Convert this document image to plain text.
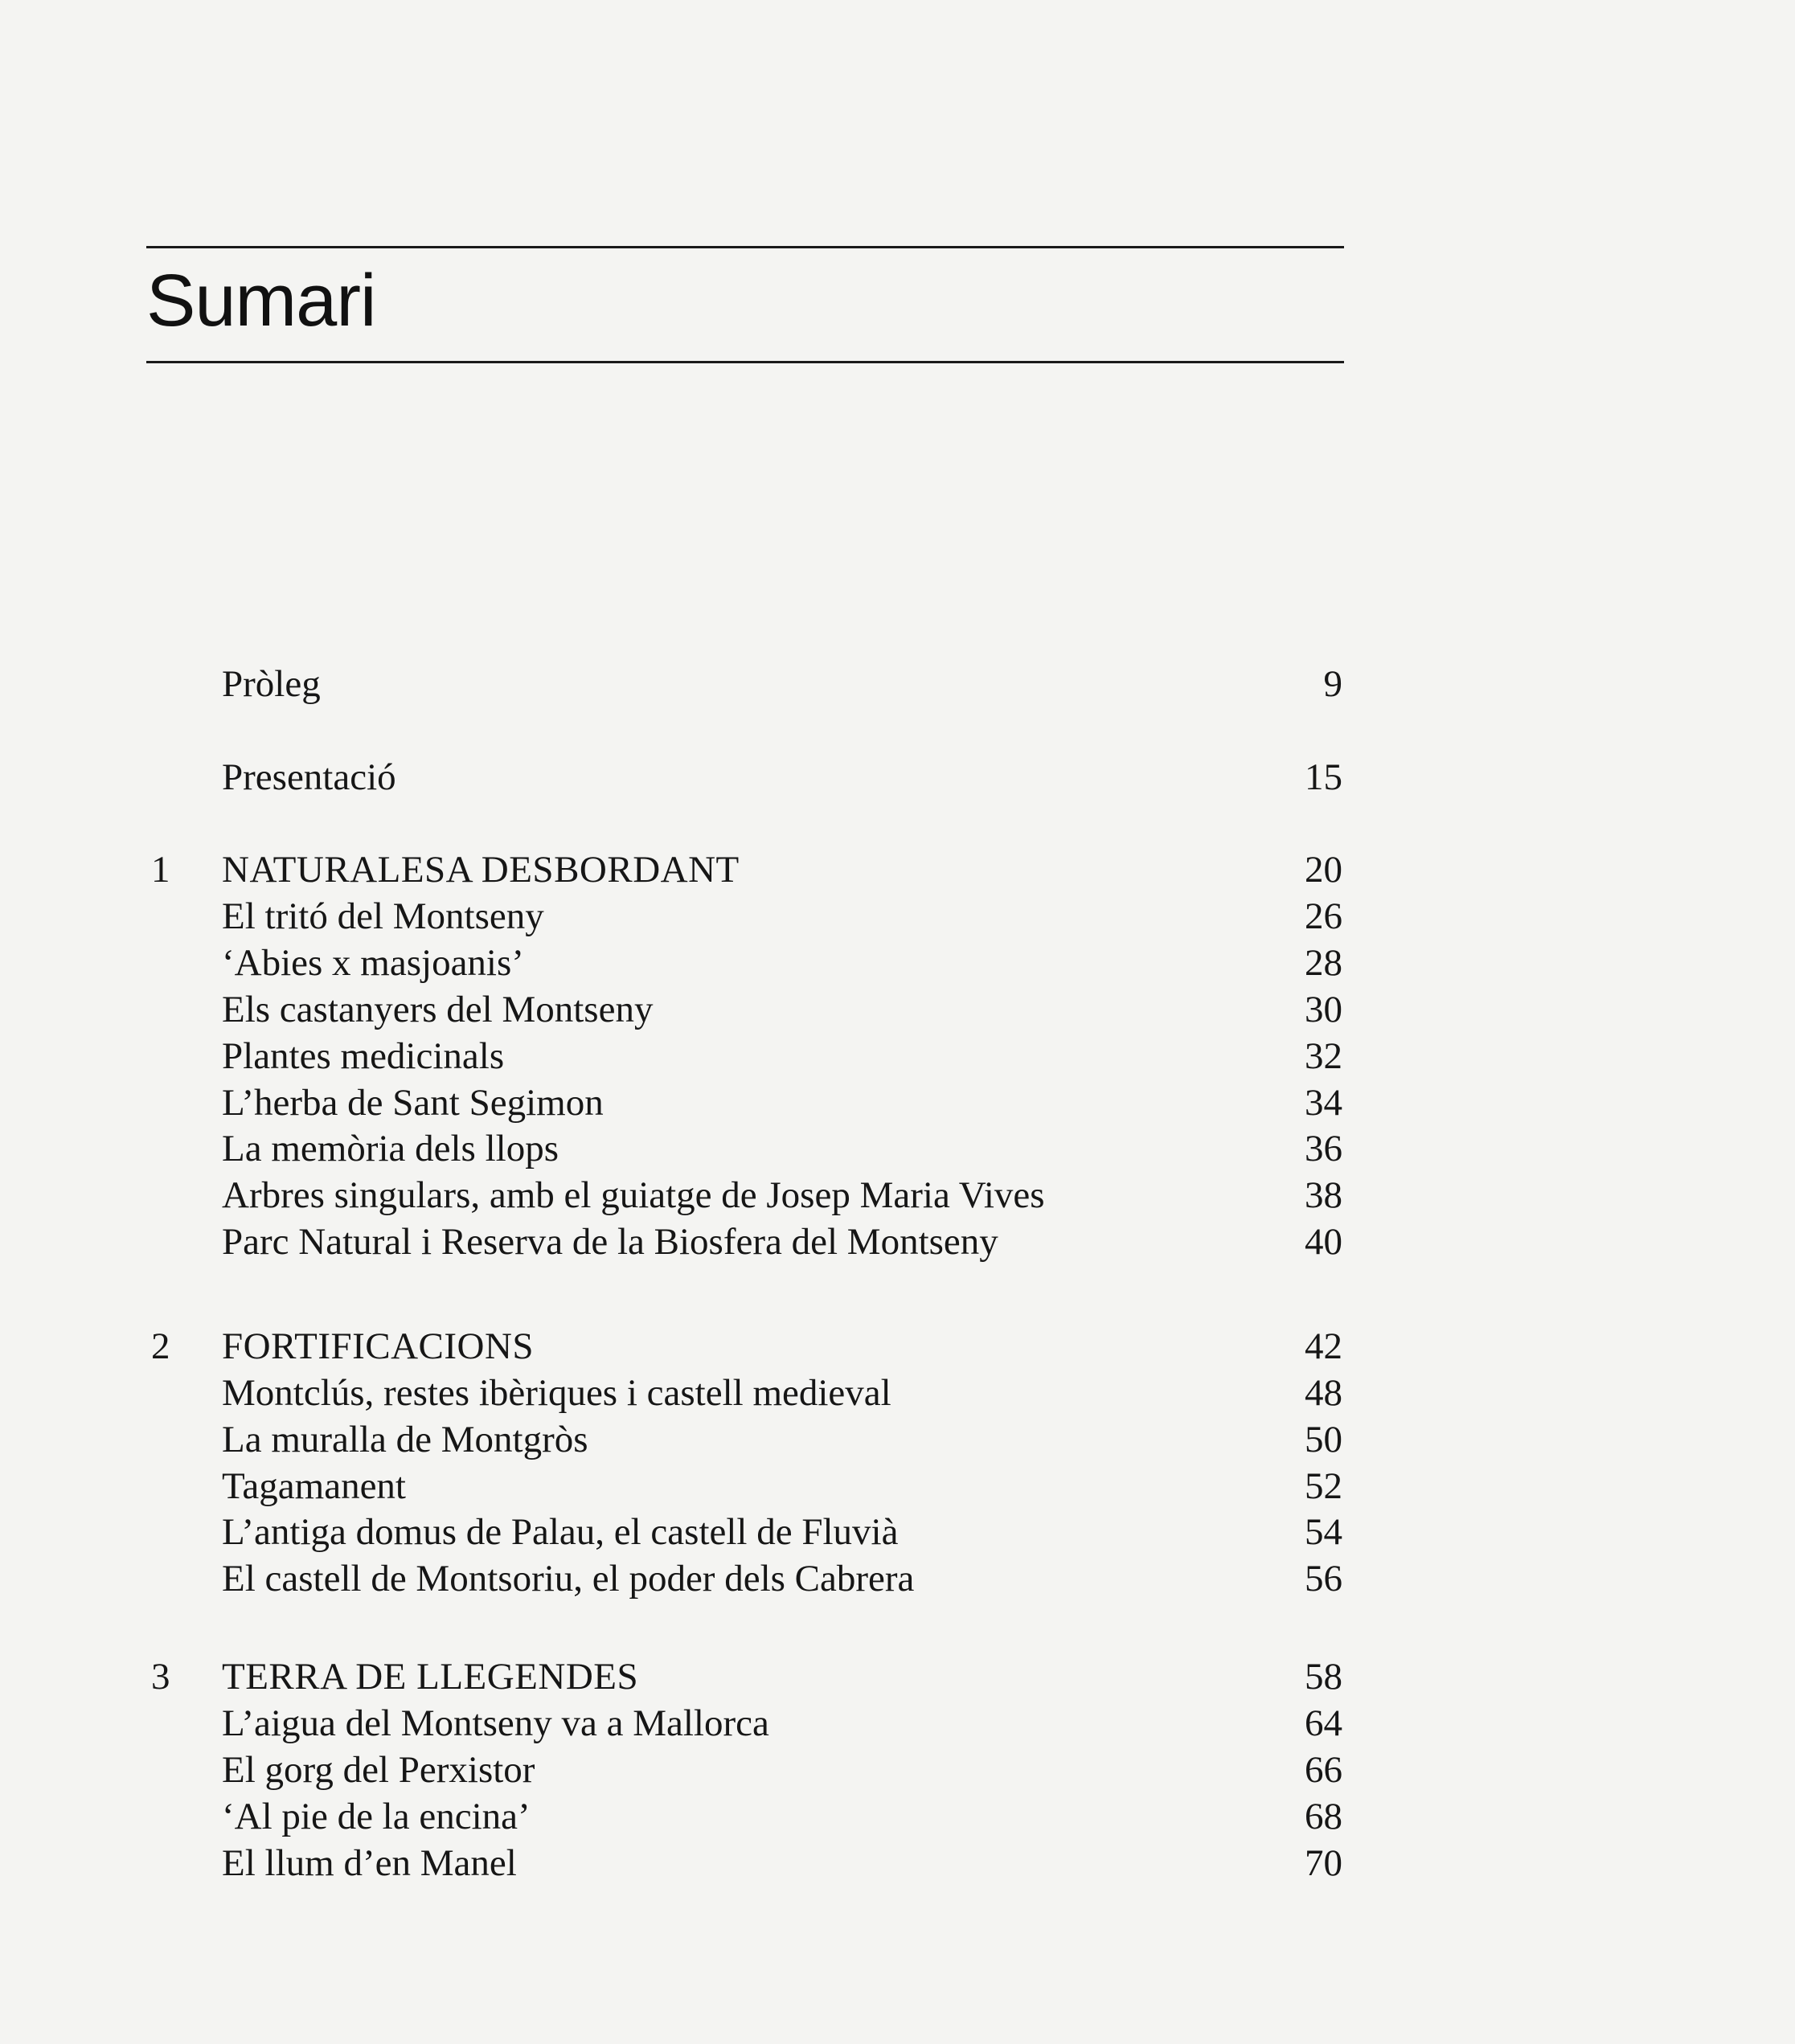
Sumari
Pròleg	9
Presentació	15
1	NATURALESA DESBORDANT	20
El tritó del Montseny	26
‘Abies x masjoanis’	28
Els castanyers del Montseny	30
Plantes medicinals	32
L’herba de Sant Segimon	34
La memòria dels llops	36
Arbres singulars, amb el guiatge de Josep Maria Vives	38
Parc Natural i Reserva de la Biosfera del Montseny	40
2	FORTIFICACIONS	42
Montclús, restes ibèriques i castell medieval	48
La muralla de Montgròs	50
Tagamanent	52
L’antiga domus de Palau, el castell de Fluvià	54
El castell de Montsoriu, el poder dels Cabrera	56
3	TERRA DE LLEGENDES	58
L’aigua del Montseny va a Mallorca	64
El gorg del Perxistor	66
‘Al pie de la encina’	68
El llum d’en Manel	70
